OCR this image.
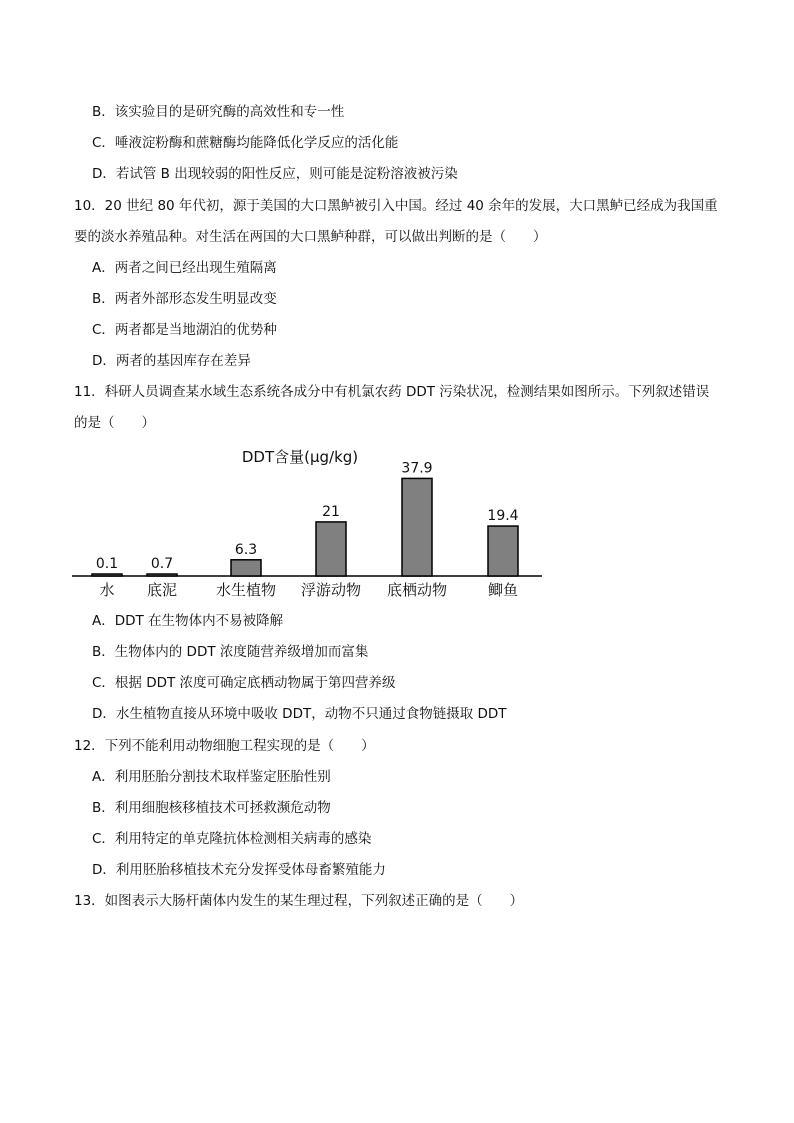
B．该实验目的是研究酶的高效性和专一性
C．唾液淀粉酶和蔗糖酶均能降低化学反应的活化能
D．若试管 B 出现较弱的阳性反应，则可能是淀粉溶液被污染
10．20 世纪 80 年代初，源于美国的大口黑鲈被引入中国。经过 40 余年的发展，大口黑鲈已经成为我国重
要的淡水养殖品种。对生活在两国的大口黑鲈种群，可以做出判断的是（　　）
A．两者之间已经出现生殖隔离
B．两者外部形态发生明显改变
C．两者都是当地湖泊的优势种
D．两者的基因库存在差异
11．科研人员调查某水域生态系统各成分中有机氯农药 DDT 污染状况，检测结果如图所示。下列叙述错误
的是（　　）
DDT含量(μg/kg)
0.1
水
0.7
底泥
6.3
水生植物
21
浮游动物
37.9
底栖动物
19.4
鲫鱼
A．DDT 在生物体内不易被降解
B．生物体内的 DDT 浓度随营养级增加而富集
C．根据 DDT 浓度可确定底栖动物属于第四营养级
D．水生植物直接从环境中吸收 DDT，动物不只通过食物链摄取 DDT
12．下列不能利用动物细胞工程实现的是（　　）
A．利用胚胎分割技术取样鉴定胚胎性别
B．利用细胞核移植技术可拯救濒危动物
C．利用特定的单克隆抗体检测相关病毒的感染
D．利用胚胎移植技术充分发挥受体母畜繁殖能力
13．如图表示大肠杆菌体内发生的某生理过程，下列叙述正确的是（　　）
